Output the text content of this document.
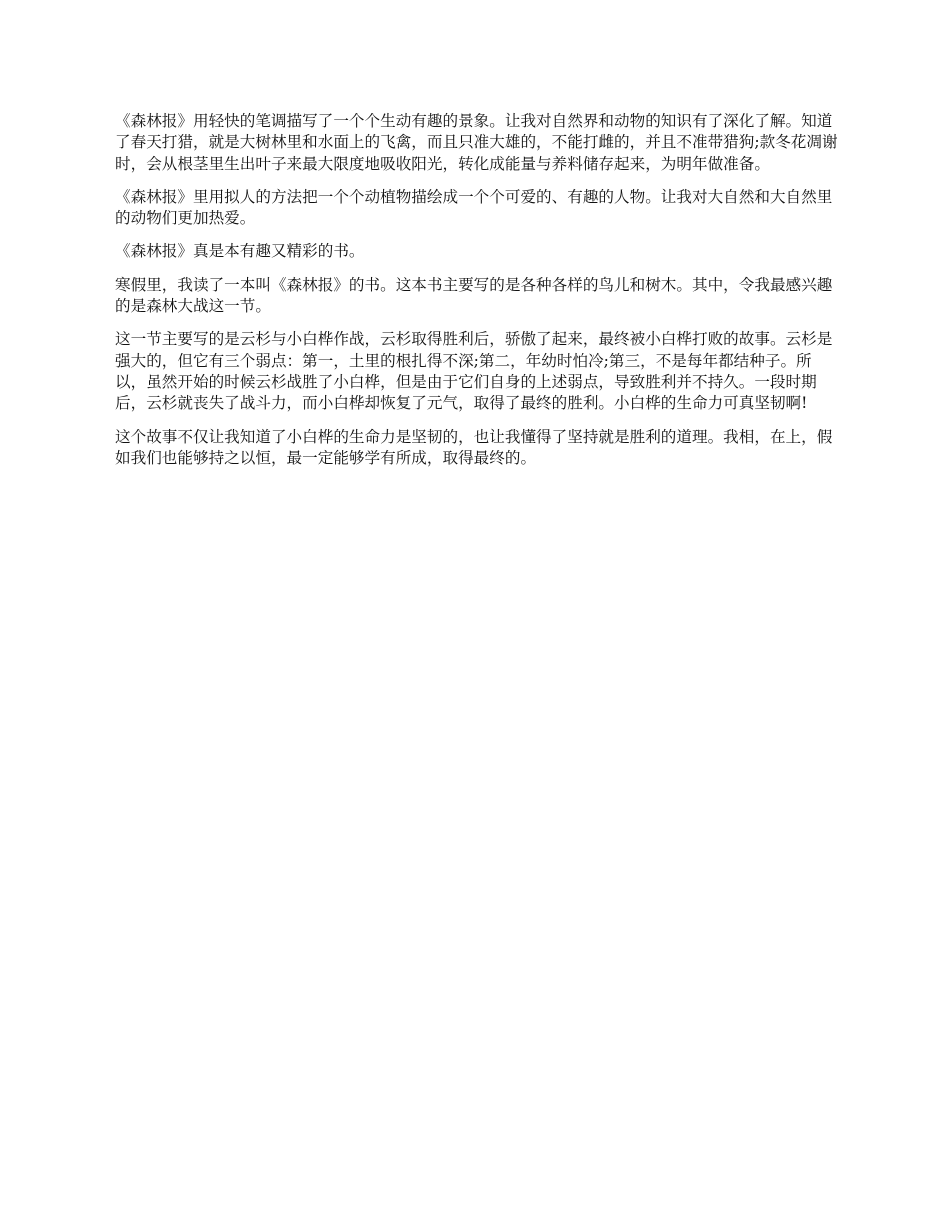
《森林报》用轻快的笔调描写了一个个生动有趣的景象。让我对自然界和动物的知识有了深化了解。知道了春天打猎，就是大树林里和水面上的飞禽，而且只准大雄的，不能打雌的，并且不准带猎狗;款冬花凋谢时，会从根茎里生出叶子来最大限度地吸收阳光，转化成能量与养料储存起来，为明年做准备。

《森林报》里用拟人的方法把一个个动植物描绘成一个个可爱的、有趣的人物。让我对大自然和大自然里的动物们更加热爱。

《森林报》真是本有趣又精彩的书。

寒假里，我读了一本叫《森林报》的书。这本书主要写的是各种各样的鸟儿和树木。其中，令我最感兴趣的是森林大战这一节。

这一节主要写的是云杉与小白桦作战，云杉取得胜利后，骄傲了起来，最终被小白桦打败的故事。云杉是强大的，但它有三个弱点：第一，土里的根扎得不深;第二，年幼时怕冷;第三，不是每年都结种子。所以，虽然开始的时候云杉战胜了小白桦，但是由于它们自身的上述弱点，导致胜利并不持久。一段时期后，云杉就丧失了战斗力，而小白桦却恢复了元气，取得了最终的胜利。小白桦的生命力可真坚韧啊!

这个故事不仅让我知道了小白桦的生命力是坚韧的，也让我懂得了坚持就是胜利的道理。我相，在上，假如我们也能够持之以恒，最一定能够学有所成，取得最终的。
